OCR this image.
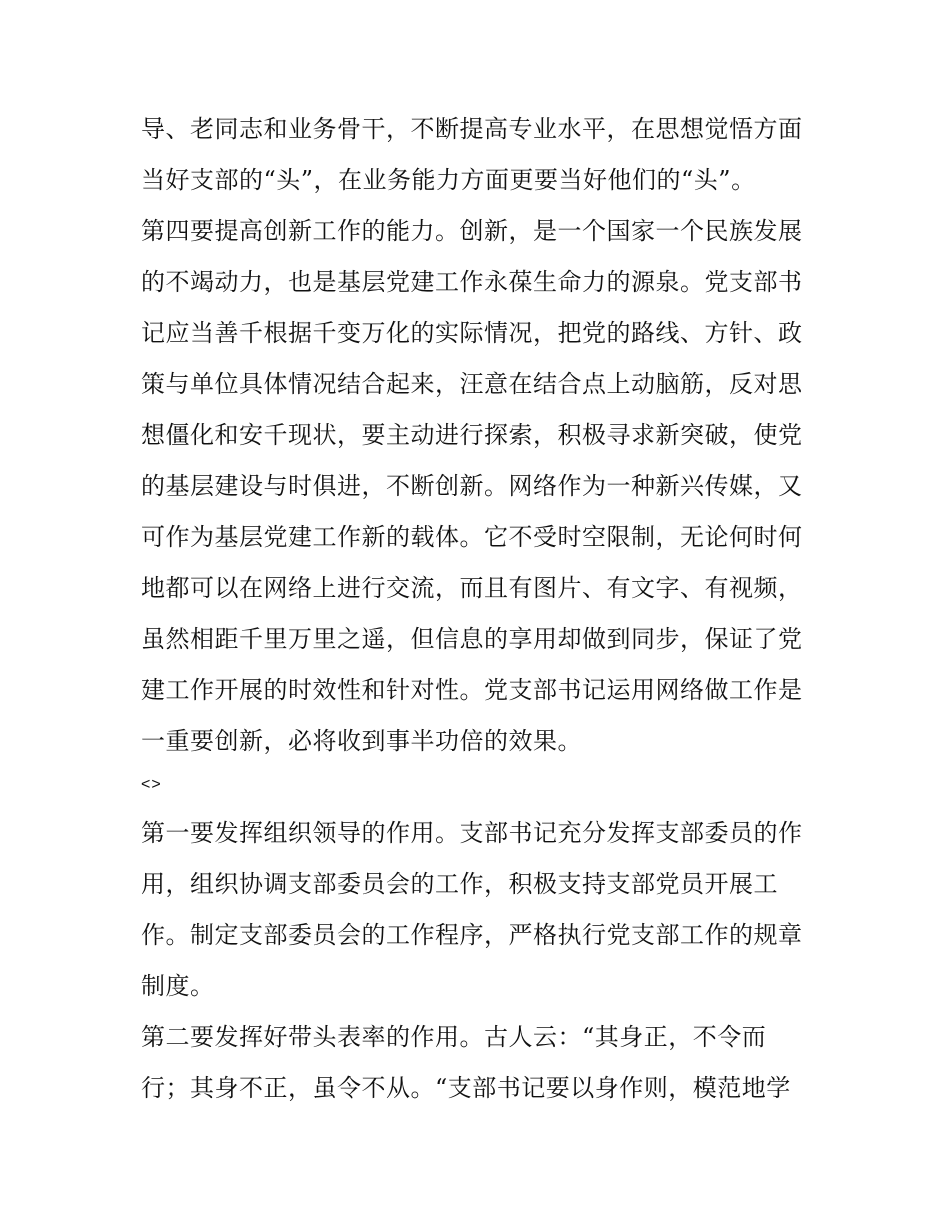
导、老同志和业务骨干，不断提高专业水平，在思想觉悟方面
当好支部的“头”，在业务能力方面更要当好他们的“头”。
第四要提高创新工作的能力。创新，是一个国家一个民族发展
的不竭动力，也是基层党建工作永葆生命力的源泉。党支部书
记应当善千根据千变万化的实际情况，把党的路线、方针、政
策与单位具体情况结合起来，汪意在结合点上动脑筋，反对思
想僵化和安千现状，要主动进行探索，积极寻求新突破，使党
的基层建设与时俱进，不断创新。网络作为一种新兴传媒，又
可作为基层党建工作新的载体。它不受时空限制，无论何时何
地都可以在网络上进行交流，而且有图片、有文字、有视频，
虽然相距千里万里之遥，但信息的享用却做到同步，保证了党
建工作开展的时效性和针对性。党支部书记运用网络做工作是
一重要创新，必将收到事半功倍的效果。
<>
第一要发挥组织领导的作用。支部书记充分发挥支部委员的作
用，组织协调支部委员会的工作，积极支持支部党员开展工
作。制定支部委员会的工作程序，严格执行党支部工作的规章
制度。
第二要发挥好带头表率的作用。古人云：“其身正，不令而
行；其身不正，虽令不从。“支部书记要以身作则，模范地学
